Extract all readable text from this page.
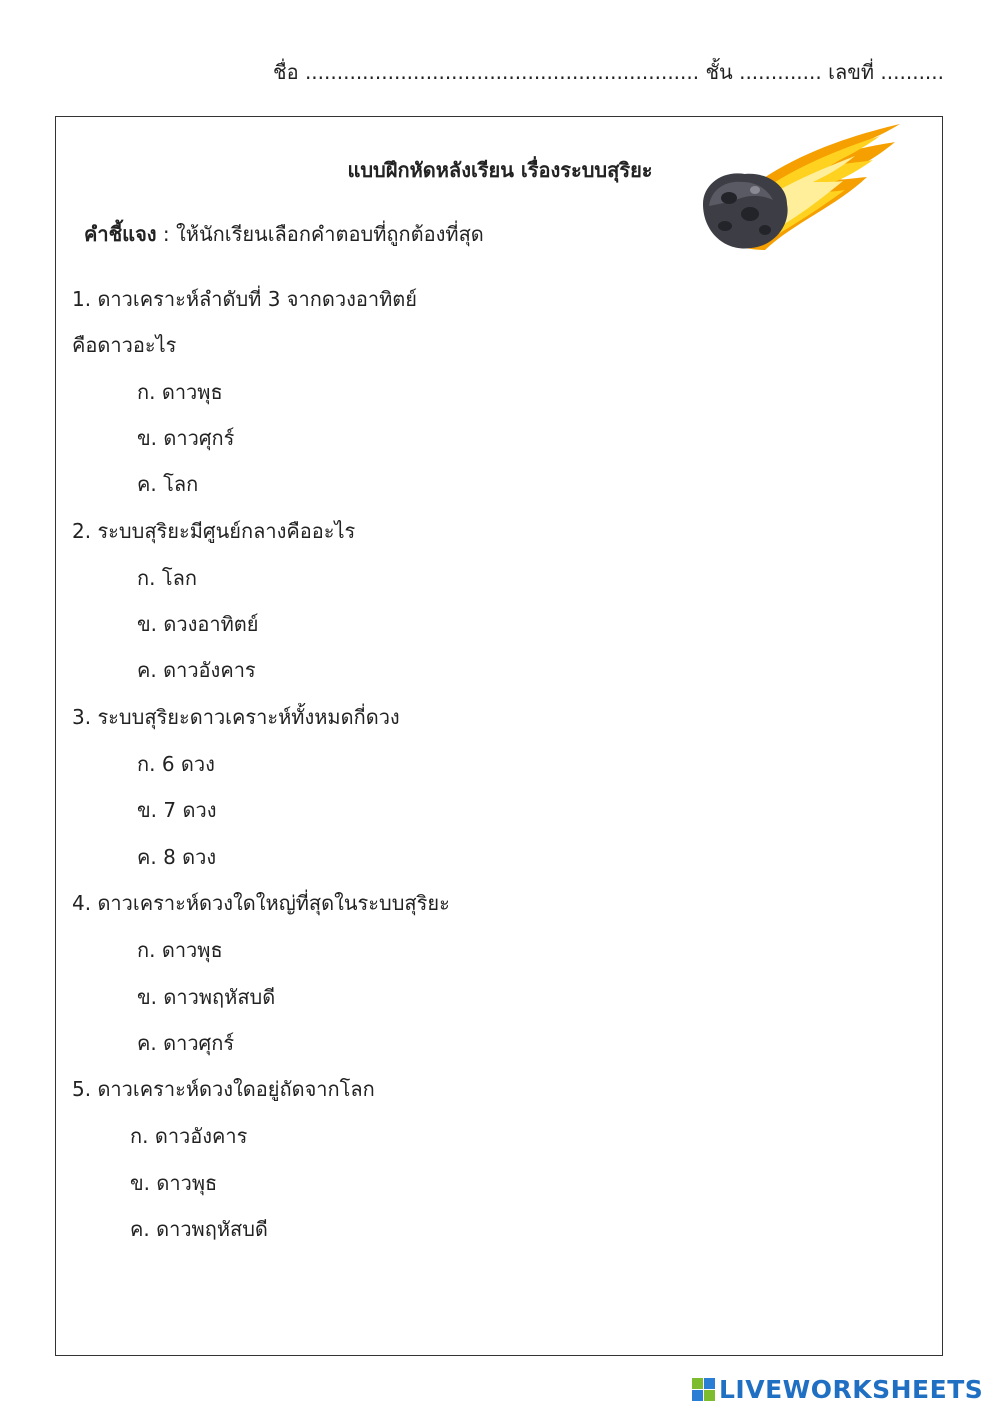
ชื่อ .............................................................. ชั้น ............. เลขที่ ..........
แบบฝึกหัดหลังเรียน เรื่องระบบสุริยะ
คำชี้แจง : ให้นักเรียนเลือกคำตอบที่ถูกต้องที่สุด
1. ดาวเคราะห์ลำดับที่ 3 จากดวงอาทิตย์
คือดาวอะไร
ก. ดาวพุธ
ข. ดาวศุกร์
ค. โลก
2. ระบบสุริยะมีศูนย์กลางคืออะไร
ก. โลก
ข. ดวงอาทิตย์
ค. ดาวอังคาร
3. ระบบสุริยะดาวเคราะห์ทั้งหมดกี่ดวง
ก. 6 ดวง
ข. 7 ดวง
ค. 8 ดวง
4. ดาวเคราะห์ดวงใดใหญ่ที่สุดในระบบสุริยะ
ก. ดาวพุธ
ข. ดาวพฤหัสบดี
ค. ดาวศุกร์
5. ดาวเคราะห์ดวงใดอยู่ถัดจากโลก
ก. ดาวอังคาร
ข. ดาวพุธ
ค. ดาวพฤหัสบดี
LIVEWORKSHEETS
